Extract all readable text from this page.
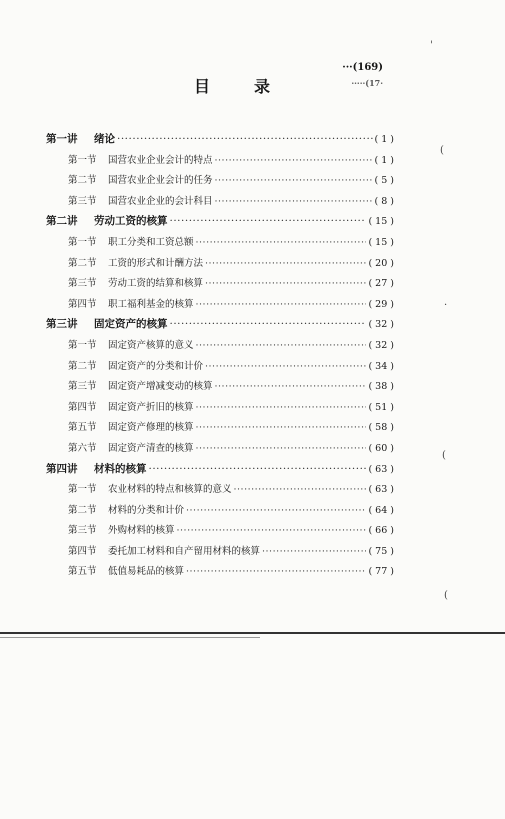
···(169)
·····(17·
目录
第一讲	绪论 ·····	( 1 )
第一节	国营农业企业会计的特点 ·····	( 1 )
第二节	国营农业企业会计的任务 ·····	( 5 )
第三节	国营农业企业的会计科目 ·····	( 8 )
第二讲	劳动工资的核算 ·····	( 15 )
第一节	职工分类和工资总额 ·····	( 15 )
第二节	工资的形式和计酬方法 ·····	( 20 )
第三节	劳动工资的结算和核算 ·····	( 27 )
第四节	职工福利基金的核算 ·····	( 29 )
第三讲	固定资产的核算 ·····	( 32 )
第一节	固定资产核算的意义 ·····	( 32 )
第二节	固定资产的分类和计价 ·····	( 34 )
第三节	固定资产增减变动的核算 ·····	( 38 )
第四节	固定资产折旧的核算 ·····	( 51 )
第五节	固定资产修理的核算 ·····	( 58 )
第六节	固定资产清查的核算 ·····	( 60 )
第四讲	材料的核算 ·····	( 63 )
第一节	农业材料的特点和核算的意义 ·····	( 63 )
第二节	材料的分类和计价 ·····	( 64 )
第三节	外购材料的核算 ·····	( 66 )
第四节	委托加工材料和自产留用材料的核算 ·····	( 75 )
第五节	低值易耗品的核算 ·····	( 77 )
'
(
·
(
(
